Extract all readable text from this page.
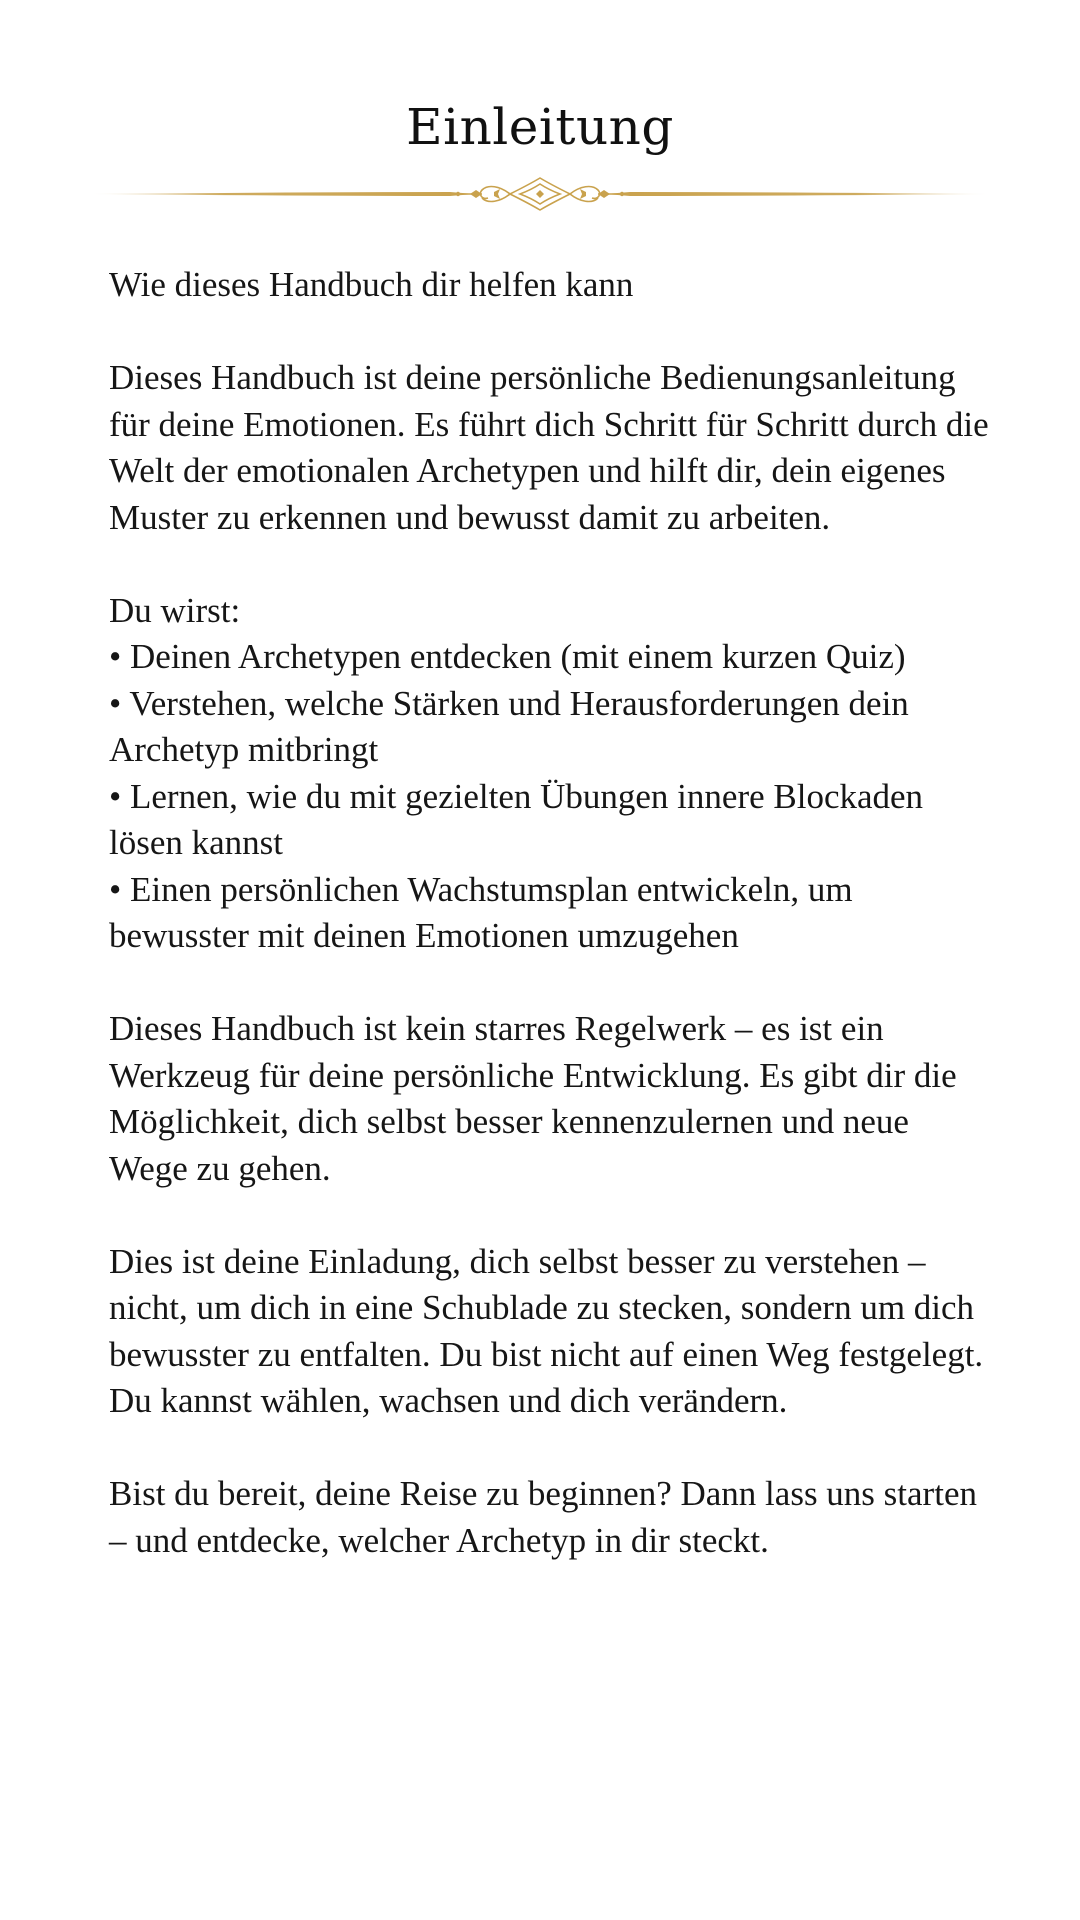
Einleitung

Wie dieses Handbuch dir helfen kann

Dieses Handbuch ist deine persönliche Bedienungsanleitung für deine Emotionen. Es führt dich Schritt für Schritt durch die Welt der emotionalen Archetypen und hilft dir, dein eigenes Muster zu erkennen und bewusst damit zu arbeiten.

Du wirst:

• Deinen Archetypen entdecken (mit einem kurzen Quiz)
• Verstehen, welche Stärken und Herausforderungen dein Archetyp mitbringt
• Lernen, wie du mit gezielten Übungen innere Blockaden lösen kannst
• Einen persönlichen Wachstumsplan entwickeln, um bewusster mit deinen Emotionen umzugehen

Dieses Handbuch ist kein starres Regelwerk – es ist ein Werkzeug für deine persönliche Entwicklung. Es gibt dir die Möglichkeit, dich selbst besser kennenzulernen und neue Wege zu gehen.

Dies ist deine Einladung, dich selbst besser zu verstehen – nicht, um dich in eine Schublade zu stecken, sondern um dich bewusster zu entfalten. Du bist nicht auf einen Weg festgelegt. Du kannst wählen, wachsen und dich verändern.

Bist du bereit, deine Reise zu beginnen? Dann lass uns starten – und entdecke, welcher Archetyp in dir steckt.
